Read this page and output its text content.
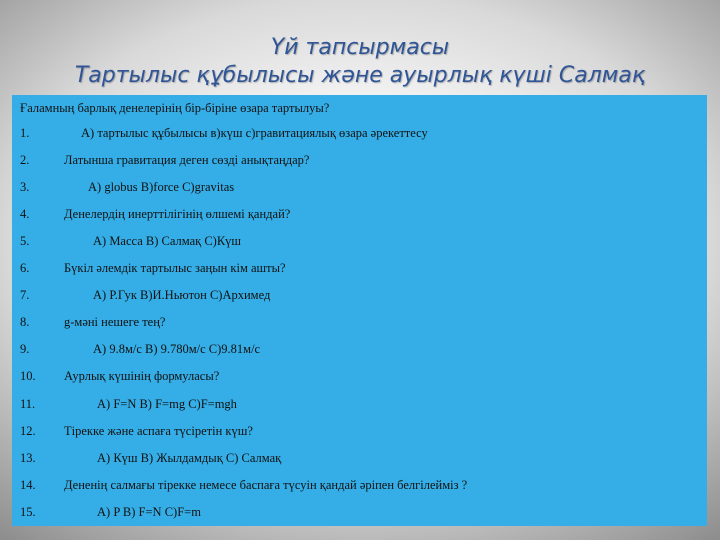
Үй тапсырмасы
Тартылыс құбылысы және ауырлық күші Салмақ
Ғаламның барлық денелерінің бір-біріне өзара тартылуы?
1.	А) тартылыс құбылысы в)күш с)гравитациялық өзара әрекеттесу
2.	Латынша гравитация деген сөзді анықтаңдар?
3.	А) globus B)force C)gravitas
4.	Денелердің инерттілігінің өлшемі қандай?
5.	А) Масса В) Салмақ С)Күш
6.	Бүкіл әлемдік тартылыс заңын кім ашты?
7.	А) Р.Гук В)И.Ньютон С)Архимед
8.	g-мәні нешеге тең?
9.	А) 9.8м/с В) 9.780м/с С)9.81м/с
10. Аурлық күшінің формуласы?
11.	А) F=N B) F=mg C)F=mgh
12. Тірекке және аспаға түсіретін күш?
13.	А) Күш В) Жылдамдық С) Салмақ
14. Дененің салмағы тірекке немесе баспаға түсуін қандай әріпен белгілейміз ?
15.	А) P B) F=N C)F=m
